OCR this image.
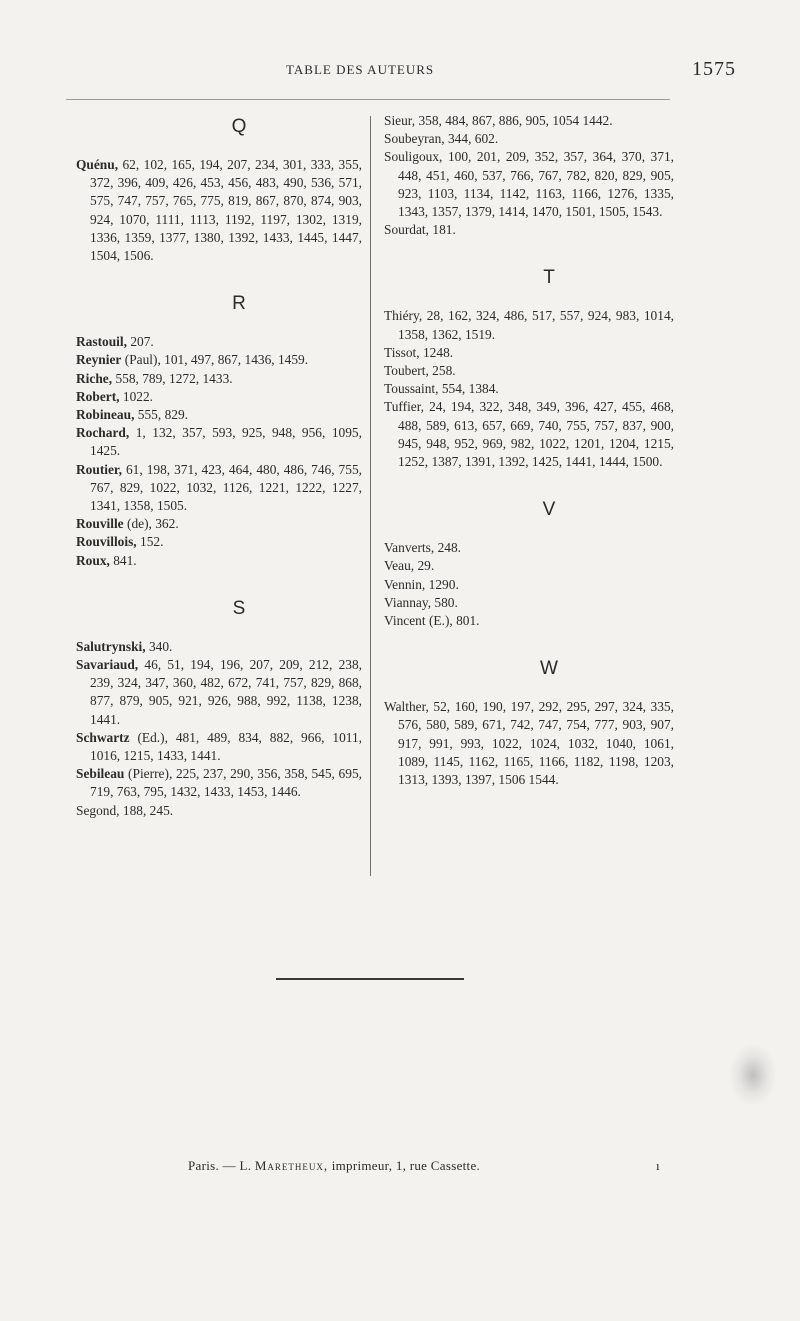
TABLE DES AUTEURS	1575
Q
Quénu, 62, 102, 165, 194, 207, 234, 301, 333, 355, 372, 396, 409, 426, 453, 456, 483, 490, 536, 571, 575, 747, 757, 765, 775, 819, 867, 870, 874, 903, 924, 1070, 1111, 1113, 1192, 1197, 1302, 1319, 1336, 1359, 1377, 1380, 1392, 1433, 1445, 1447, 1504, 1506.
R
Rastouil, 207.
Reynier (Paul), 101, 497, 867, 1436, 1459.
Riche, 558, 789, 1272, 1433.
Robert, 1022.
Robineau, 555, 829.
Rochard, 1, 132, 357, 593, 925, 948, 956, 1095, 1425.
Routier, 61, 198, 371, 423, 464, 480, 486, 746, 755, 767, 829, 1022, 1032, 1126, 1221, 1222, 1227, 1341, 1358, 1505.
Rouville (de), 362.
Rouvillois, 152.
Roux, 841.
S
Salutrynski, 340.
Savariaud, 46, 51, 194, 196, 207, 209, 212, 238, 239, 324, 347, 360, 482, 672, 741, 757, 829, 868, 877, 879, 905, 921, 926, 988, 992, 1138, 1238, 1441.
Schwartz (Ed.), 481, 489, 834, 882, 966, 1011, 1016, 1215, 1433, 1441.
Sebileau (Pierre), 225, 237, 290, 356, 358, 545, 695, 719, 763, 795, 1432, 1433, 1453, 1446.
Segond, 188, 245.
Sieur, 358, 484, 867, 886, 905, 1054 1442.
Soubeyran, 344, 602.
Souligoux, 100, 201, 209, 352, 357, 364, 370, 371, 448, 451, 460, 537, 766, 767, 782, 820, 829, 905, 923, 1103, 1134, 1142, 1163, 1166, 1276, 1335, 1343, 1357, 1379, 1414, 1470, 1501, 1505, 1543.
Sourdat, 181.
T
Thiéry, 28, 162, 324, 486, 517, 557, 924, 983, 1014, 1358, 1362, 1519.
Tissot, 1248.
Toubert, 258.
Toussaint, 554, 1384.
Tuffier, 24, 194, 322, 348, 349, 396, 427, 455, 468, 488, 589, 613, 657, 669, 740, 755, 757, 837, 900, 945, 948, 952, 969, 982, 1022, 1201, 1204, 1215, 1252, 1387, 1391, 1392, 1425, 1441, 1444, 1500.
V
Vanverts, 248.
Veau, 29.
Vennin, 1290.
Viannay, 580.
Vincent (E.), 801.
W
Walther, 52, 160, 190, 197, 292, 295, 297, 324, 335, 576, 580, 589, 671, 742, 747, 754, 777, 903, 907, 917, 991, 993, 1022, 1024, 1032, 1040, 1061, 1089, 1145, 1162, 1165, 1166, 1182, 1198, 1203, 1313, 1393, 1397, 1506 1544.
Paris. — L. Maretheux, imprimeur, 1, rue Cassette.	ı
